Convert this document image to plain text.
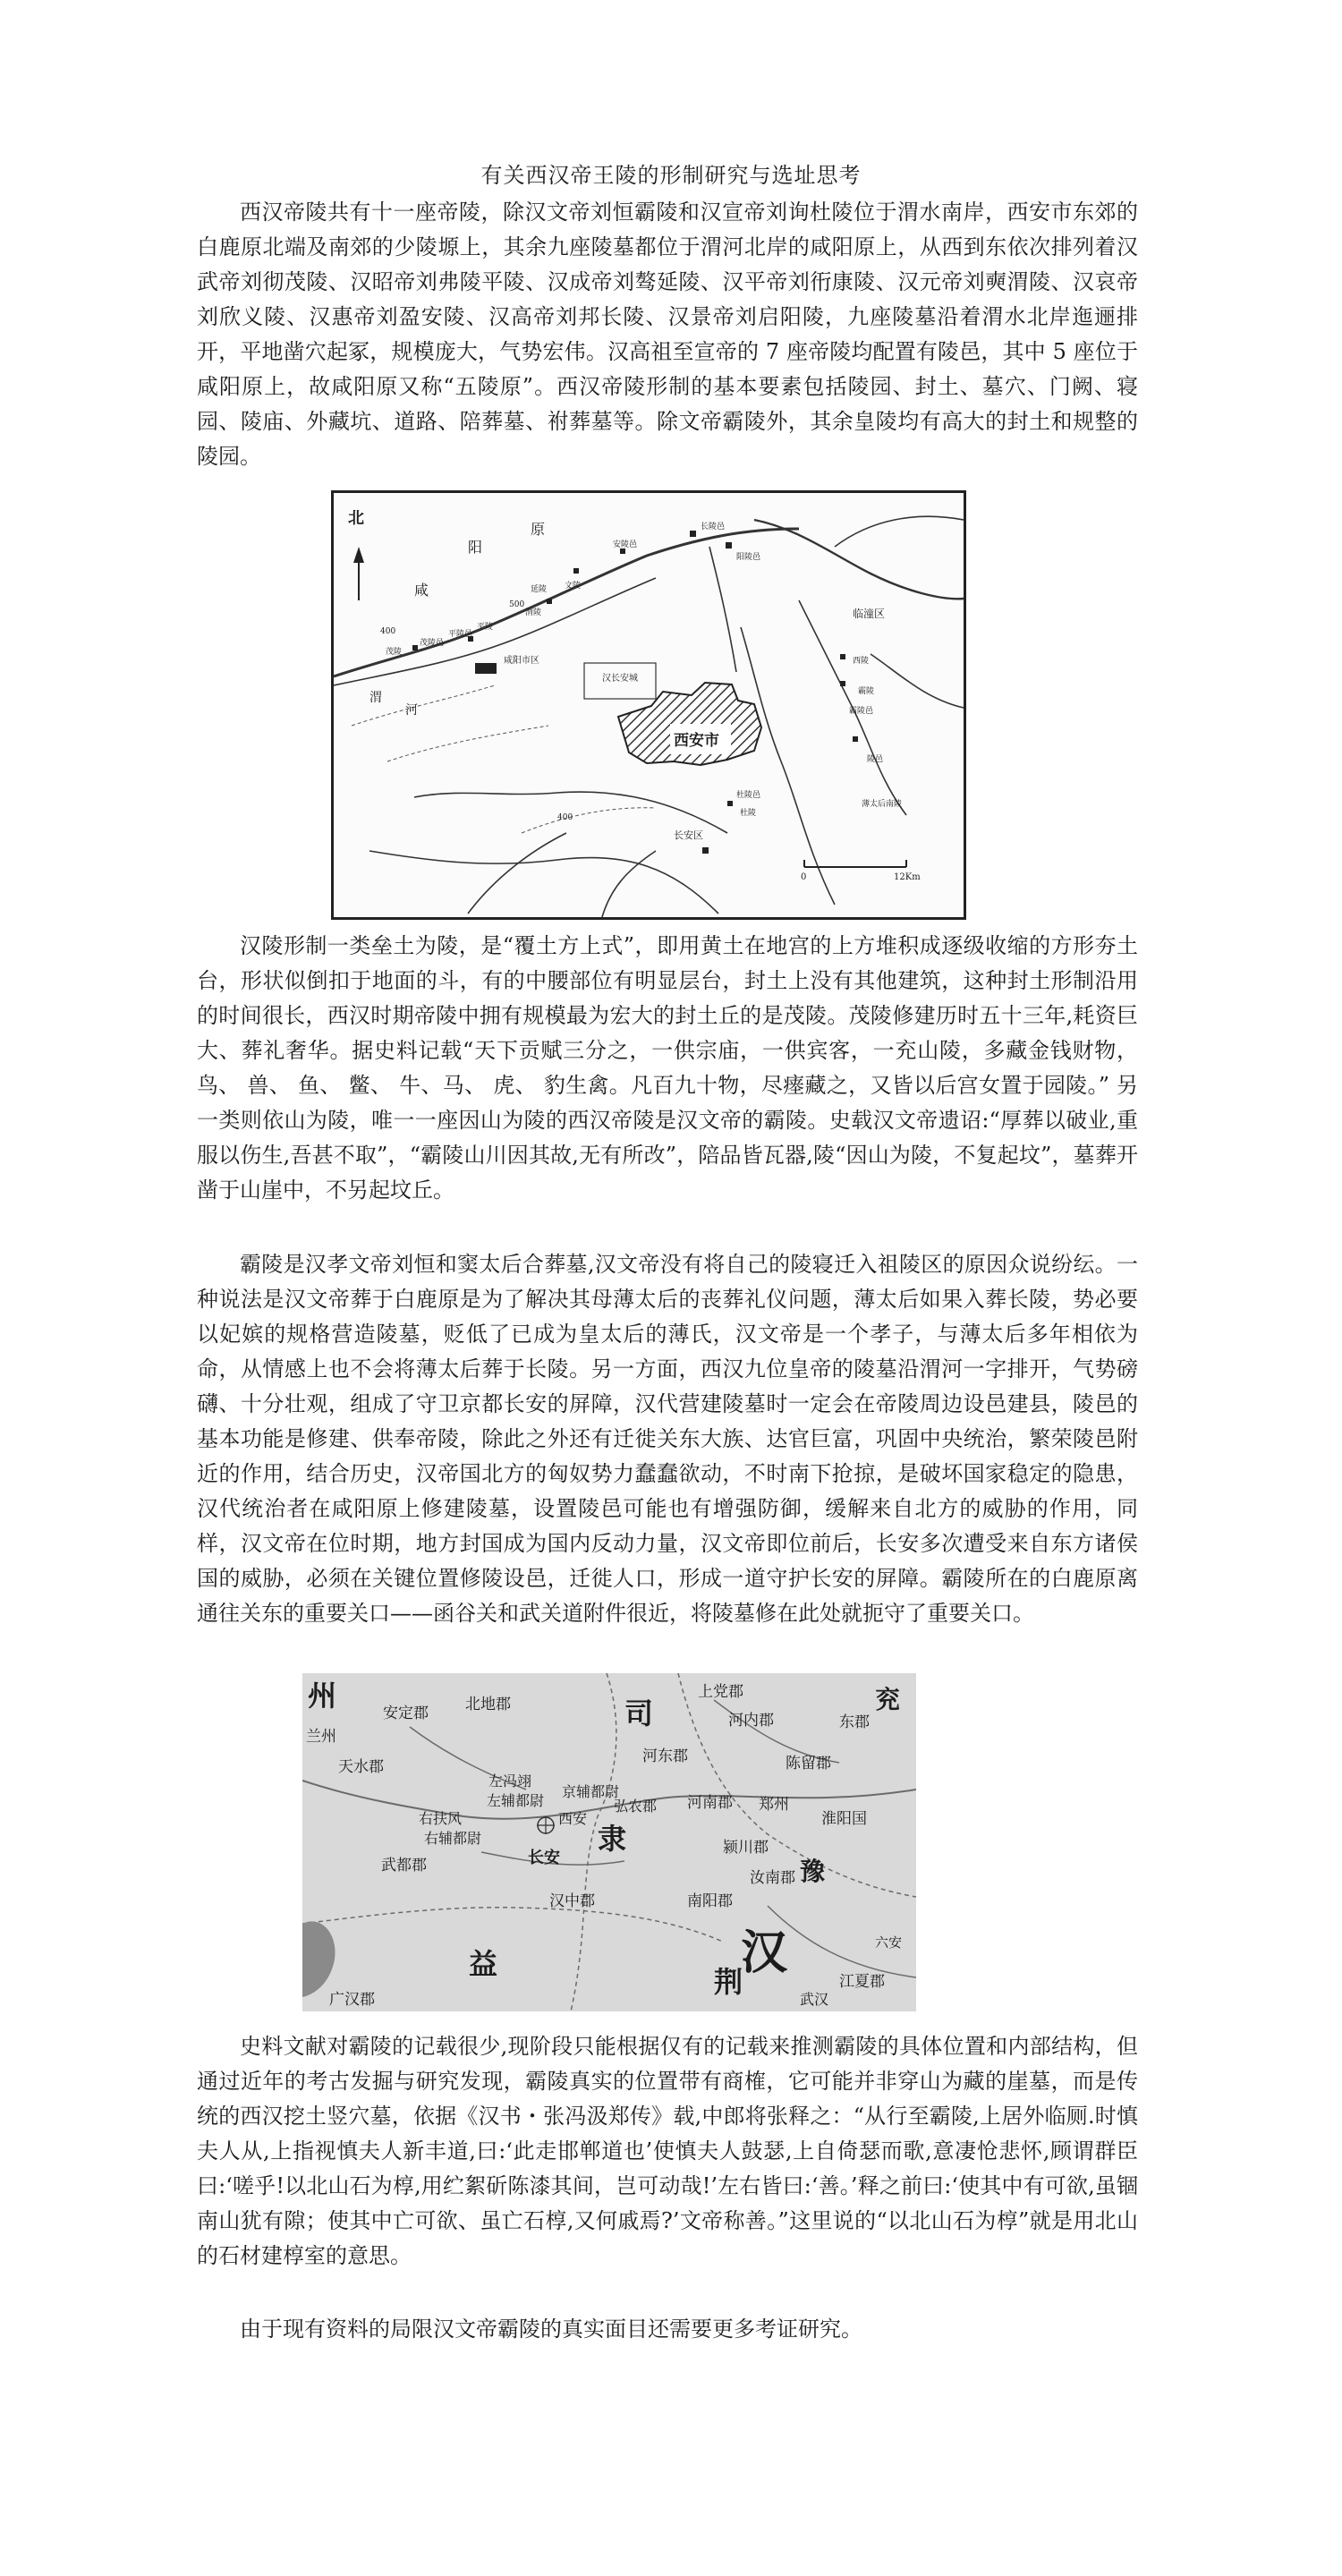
有关西汉帝王陵的形制研究与选址思考

西汉帝陵共有十一座帝陵，除汉文帝刘恒霸陵和汉宣帝刘询杜陵位于渭水南岸，西安市东郊的白鹿原北端及南郊的少陵塬上，其余九座陵墓都位于渭河北岸的咸阳原上，从西到东依次排列着汉武帝刘彻茂陵、汉昭帝刘弗陵平陵、汉成帝刘骜延陵、汉平帝刘衎康陵、汉元帝刘奭渭陵、汉哀帝刘欣义陵、汉惠帝刘盈安陵、汉高帝刘邦长陵、汉景帝刘启阳陵，九座陵墓沿着渭水北岸迤逦排开，平地凿穴起冢，规模庞大，气势宏伟。汉高祖至宣帝的 7 座帝陵均配置有陵邑，其中 5 座位于咸阳原上，故咸阳原又称“五陵原”。西汉帝陵形制的基本要素包括陵园、封土、墓穴、门阙、寝园、陵庙、外藏坑、道路、陪葬墓、祔葬墓等。除文帝霸陵外，其余皇陵均有高大的封土和规整的陵园。

北
原
阳
咸
渭
河
长陵邑
安陵邑
阳陵邑
文陵
延陵
渭陵
平陵
平陵邑
茂陵
茂陵邑
咸阳市区
汉长安城
西安市
临潼区
霸陵
霸陵邑
杜陵
杜陵邑
长安区
薄太后南陵
西陵
陵邑
400
500
400
0	12Km

汉陵形制一类垒土为陵，是“覆土方上式”，即用黄土在地宫的上方堆积成逐级收缩的方形夯土台，形状似倒扣于地面的斗，有的中腰部位有明显层台，封土上没有其他建筑，这种封土形制沿用的时间很长，西汉时期帝陵中拥有规模最为宏大的封土丘的是茂陵。茂陵修建历时五十三年,耗资巨大、葬礼奢华。据史料记载“天下贡赋三分之，一供宗庙，一供宾客，一充山陵，多藏金钱财物，鸟、 兽、 鱼、 鳖、 牛、马、 虎、 豹生禽。凡百九十物，尽瘗藏之，又皆以后宫女置于园陵。” 另一类则依山为陵，唯一一座因山为陵的西汉帝陵是汉文帝的霸陵。史载汉文帝遗诏:“厚葬以破业,重服以伤生,吾甚不取”，“霸陵山川因其故,无有所改”，陪品皆瓦器,陵“因山为陵，不复起坟”，墓葬开凿于山崖中，不另起坟丘。

霸陵是汉孝文帝刘恒和窦太后合葬墓,汉文帝没有将自己的陵寝迁入祖陵区的原因众说纷纭。一种说法是汉文帝葬于白鹿原是为了解决其母薄太后的丧葬礼仪问题，薄太后如果入葬长陵，势必要以妃嫔的规格营造陵墓，贬低了已成为皇太后的薄氏，汉文帝是一个孝子，与薄太后多年相依为命，从情感上也不会将薄太后葬于长陵。另一方面，西汉九位皇帝的陵墓沿渭河一字排开，气势磅礴、十分壮观，组成了守卫京都长安的屏障，汉代营建陵墓时一定会在帝陵周边设邑建县，陵邑的基本功能是修建、供奉帝陵，除此之外还有迁徙关东大族、达官巨富，巩固中央统治，繁荣陵邑附近的作用，结合历史，汉帝国北方的匈奴势力蠢蠢欲动，不时南下抢掠，是破坏国家稳定的隐患，汉代统治者在咸阳原上修建陵墓，设置陵邑可能也有增强防御，缓解来自北方的威胁的作用，同样，汉文帝在位时期，地方封国成为国内反动力量，汉文帝即位前后，长安多次遭受来自东方诸侯国的威胁，必须在关键位置修陵设邑，迁徙人口，形成一道守护长安的屏障。霸陵所在的白鹿原离通往关东的重要关口——函谷关和武关道附件很近，将陵墓修在此处就扼守了重要关口。

州
司	兖
隶
豫
益	汉
荆
安定郡 北地郡
上党郡
河内郡	东郡
兰州
天水郡
河东郡	陈留郡
左冯翊
左辅都尉
京辅都尉
河南郡 郑州
淮阳国
右扶风
右辅都尉
西安
弘农郡
颍川郡
武都郡	长安
汝南郡
汉中郡	南阳郡
六安
广汉郡
江夏郡
武汉

史料文献对霸陵的记载很少,现阶段只能根据仅有的记载来推测霸陵的具体位置和内部结构，但通过近年的考古发掘与研究发现，霸陵真实的位置带有商榷，它可能并非穿山为藏的崖墓，而是传统的西汉挖土竖穴墓，依据《汉书・张冯汲郑传》载,中郎将张释之：“从行至霸陵,上居外临厕.时慎夫人从,上指视慎夫人新丰道,曰:‘此走邯郸道也’使慎夫人鼓瑟,上自倚瑟而歌,意凄怆悲怀,顾谓群臣曰:‘嗟乎!以北山石为椁,用纻絮斫陈漆其间，岂可动哉!’左右皆曰:‘善。’释之前曰:‘使其中有可欲,虽锢南山犹有隙；使其中亡可欲、虽亡石椁,又何戚焉?’文帝称善。”这里说的“以北山石为椁”就是用北山的石材建椁室的意思。

由于现有资料的局限汉文帝霸陵的真实面目还需要更多考证研究。
